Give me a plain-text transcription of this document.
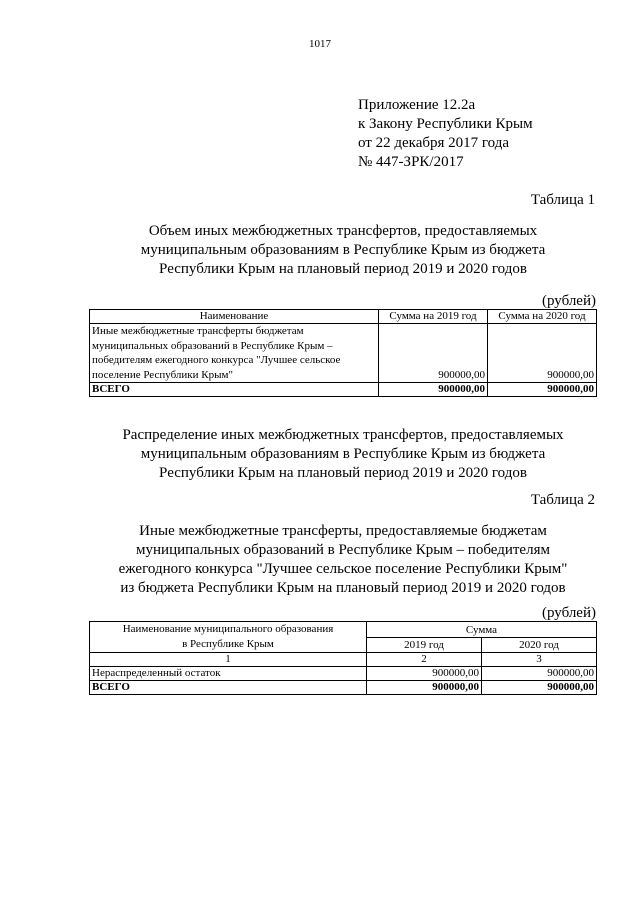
1017
Приложение 12.2а
к Закону Республики Крым
от 22 декабря 2017 года
№ 447-ЗРК/2017
Таблица 1
Объем иных межбюджетных трансфертов, предоставляемых
муниципальным образованиям в Республике Крым из бюджета
Республики Крым на плановый период 2019 и 2020 годов
(рублей)
Наименование	Сумма на 2019 год	Сумма на 2020 год

Иные межбюджетные трансферты бюджетам
муниципальных образований в Республике Крым –
победителям ежегодного конкурса "Лучшее сельское
поселение Республики Крым"	900000,00	900000,00
ВСЕГО	900000,00	900000,00
Распределение иных межбюджетных трансфертов, предоставляемых
муниципальным образованиям в Республике Крым из бюджета
Республики Крым на плановый период 2019 и 2020 годов
Таблица 2
Иные межбюджетные трансферты, предоставляемые бюджетам
муниципальных образований в Республике Крым – победителям
ежегодного конкурса "Лучшее сельское поселение Республики Крым"
из бюджета Республики Крым на плановый период 2019 и 2020 годов
(рублей)
Наименование муниципального образования
в Республике Крым	Сумма	
	2019 год	2020 год
1	2	3
Нераспределенный остаток	900000,00	900000,00
ВСЕГО	900000,00	900000,00
